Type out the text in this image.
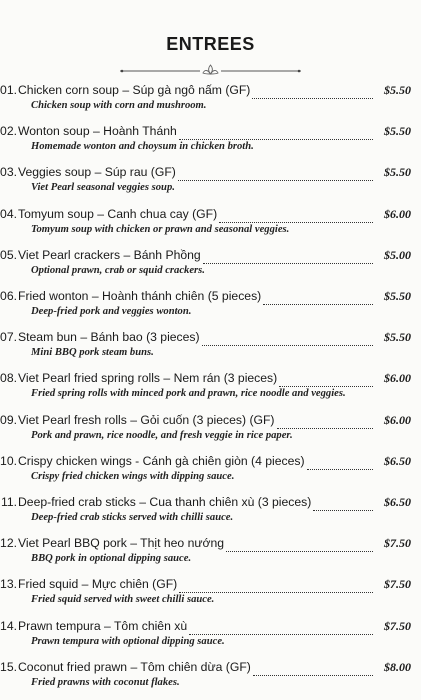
ENTREES
01. Chicken corn soup – Súp gà ngô nấm (GF)	$5.50
Chicken soup with corn and mushroom.
02. Wonton soup – Hoành Thánh	$5.50
Homemade wonton and choysum in chicken broth.
03. Veggies soup – Súp rau (GF)	$5.50
Viet Pearl seasonal veggies soup.
04. Tomyum soup – Canh chua cay (GF)	$6.00
Tomyum soup with chicken or prawn and seasonal veggies.
05. Viet Pearl crackers – Bánh Phồng	$5.00
Optional prawn, crab or squid crackers.
06. Fried wonton – Hoành thánh chiên (5 pieces)	$5.50
Deep-fried pork and veggies wonton.
07. Steam bun – Bánh bao (3 pieces)	$5.50
Mini BBQ pork steam buns.
08. Viet Pearl fried spring rolls – Nem rán (3 pieces)	$6.00
Fried spring rolls with minced pork and prawn, rice noodle and veggies.
09. Viet Pearl fresh rolls – Gỏi cuốn (3 pieces) (GF)	$6.00
Pork and prawn, rice noodle, and fresh veggie in rice paper.
10. Crispy chicken wings - Cánh gà chiên giòn (4 pieces)	$6.50
Crispy fried chicken wings with dipping sauce.
11. Deep-fried crab sticks – Cua thanh chiên xù (3 pieces)	$6.50
Deep-fried crab sticks served with chilli sauce.
12. Viet Pearl BBQ pork – Thịt heo nướng	$7.50
BBQ pork in optional dipping sauce.
13. Fried squid – Mực chiên (GF)	$7.50
Fried squid served with sweet chilli sauce.
14. Prawn tempura – Tôm chiên xù	$7.50
Prawn tempura with optional dipping sauce.
15. Coconut fried prawn – Tôm chiên dừa (GF)	$8.00
Fried prawns with coconut flakes.
